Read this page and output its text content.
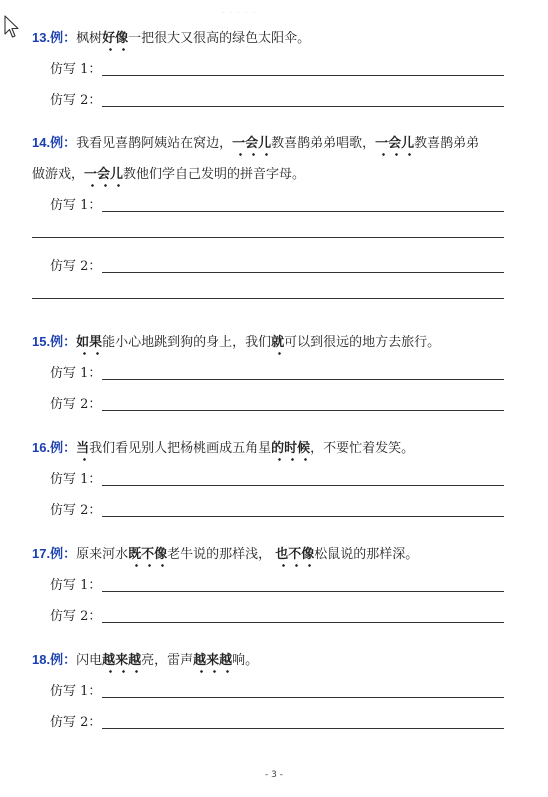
· · · · ·
13.例：枫树好像一把很大又很高的绿色太阳伞。
仿写 1：
仿写 2：
14.例：我看见喜鹊阿姨站在窝边，一会儿教喜鹊弟弟唱歌，一会儿教喜鹊弟弟
做游戏，一会儿教他们学自己发明的拼音字母。
仿写 1：
仿写 2：
15.例：如果能小心地跳到狗的身上，我们就可以到很远的地方去旅行。
仿写 1：
仿写 2：
16.例：当我们看见别人把杨桃画成五角星的时候，不要忙着发笑。
仿写 1：
仿写 2：
17.例：原来河水既不像老牛说的那样浅， 也不像松鼠说的那样深。
仿写 1：
仿写 2：
18.例：闪电越来越亮，雷声越来越响。
仿写 1：
仿写 2：
- 3 -
